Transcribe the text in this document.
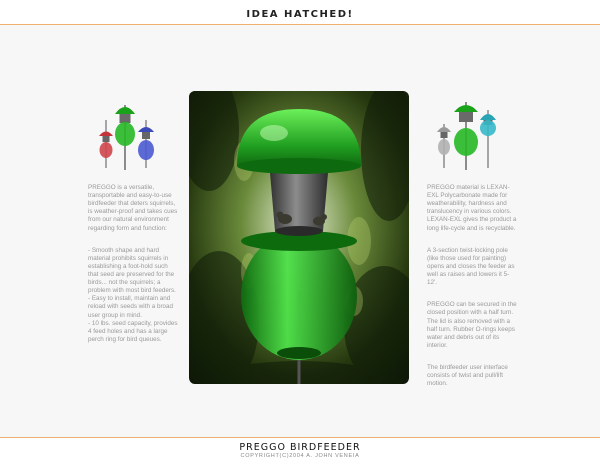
IDEA HATCHED!

PREGGO is a versatile, transportable and easy-to-use birdfeeder that deters squirrels, is weather-proof and takes cues from our natural environment regarding form and function:

- Smooth shape and hard material prohibits squirrels in establishing a foot-hold such that seed are preserved for the birds... not the squirrels; a problem with most bird feeders.
- Easy to install, maintain and reload with seeds with a broad user group in mind.
- 10 lbs. seed capacity, provides 4 feed holes and has a large perch ring for bird queues.

PREGGO material is LEXAN-EXL Polycarbonate made for weatherability, hardness and translucency in various colors. LEXAN-EXL gives the product a long life-cycle and is recyclable.

A 3-section twist-locking pole (like those used for painting) opens and closes the feeder as well as raises and lowers it 5-12'.

PREGGO can be secured in the closed position with a half turn. The lid is also removed with a half turn. Rubber O-rings keeps water and debris out of its interior.

The birdfeeder user interface consists of twist and pull/lift motion.

PREGGO BIRDFEEDER
COPYRIGHT(C)2004 A. JOHN VENEIA
